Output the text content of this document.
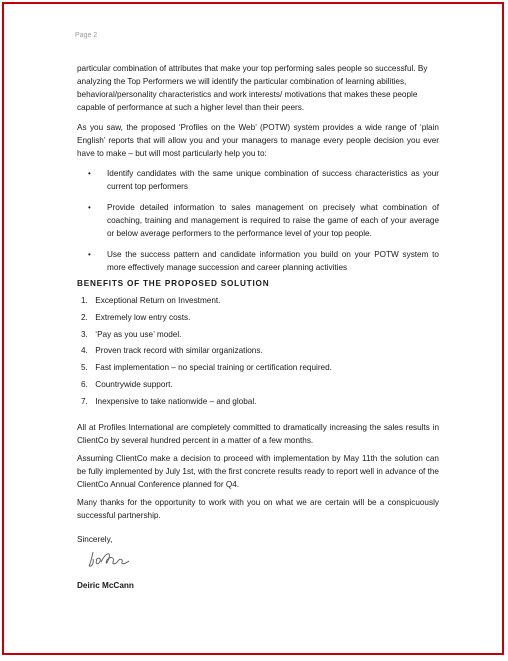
Page 2

particular combination of attributes that make your top performing sales people so successful. By analyzing the Top Performers we will identify the particular combination of learning abilities, behavioral/personality characteristics and work interests/ motivations that makes these people capable of performance at such a higher level than their peers.

As you saw, the proposed ‘Profiles on the Web’ (POTW) system provides a wide range of ‘plain English’ reports that will allow you and your managers to manage every people decision you ever have to make – but will most particularly help you to:

• Identify candidates with the same unique combination of success characteristics as your current top performers
• Provide detailed information to sales management on precisely what combination of coaching, training and management is required to raise the game of each of your average or below average performers to the performance level of your top people.
• Use the success pattern and candidate information you build on your POTW system to more effectively manage succession and career planning activities
BENEFITS OF THE PROPOSED SOLUTION
1. Exceptional Return on Investment.
2. Extremely low entry costs.
3. ‘Pay as you use’ model.
4. Proven track record with similar organizations.
5. Fast implementation – no special training or certification required.
6. Countrywide support.
7. Inexpensive to take nationwide – and global.

All at Profiles International are completely committed to dramatically increasing the sales results in ClientCo by several hundred percent in a matter of a few months.

Assuming ClientCo make a decision to proceed with implementation by May 11th the solution can be fully implemented by July 1st, with the first concrete results ready to report well in advance of the ClientCo Annual Conference planned for Q4.

Many thanks for the opportunity to work with you on what we are certain will be a conspicuously successful partnership.

Sincerely,

Deiric McCann
